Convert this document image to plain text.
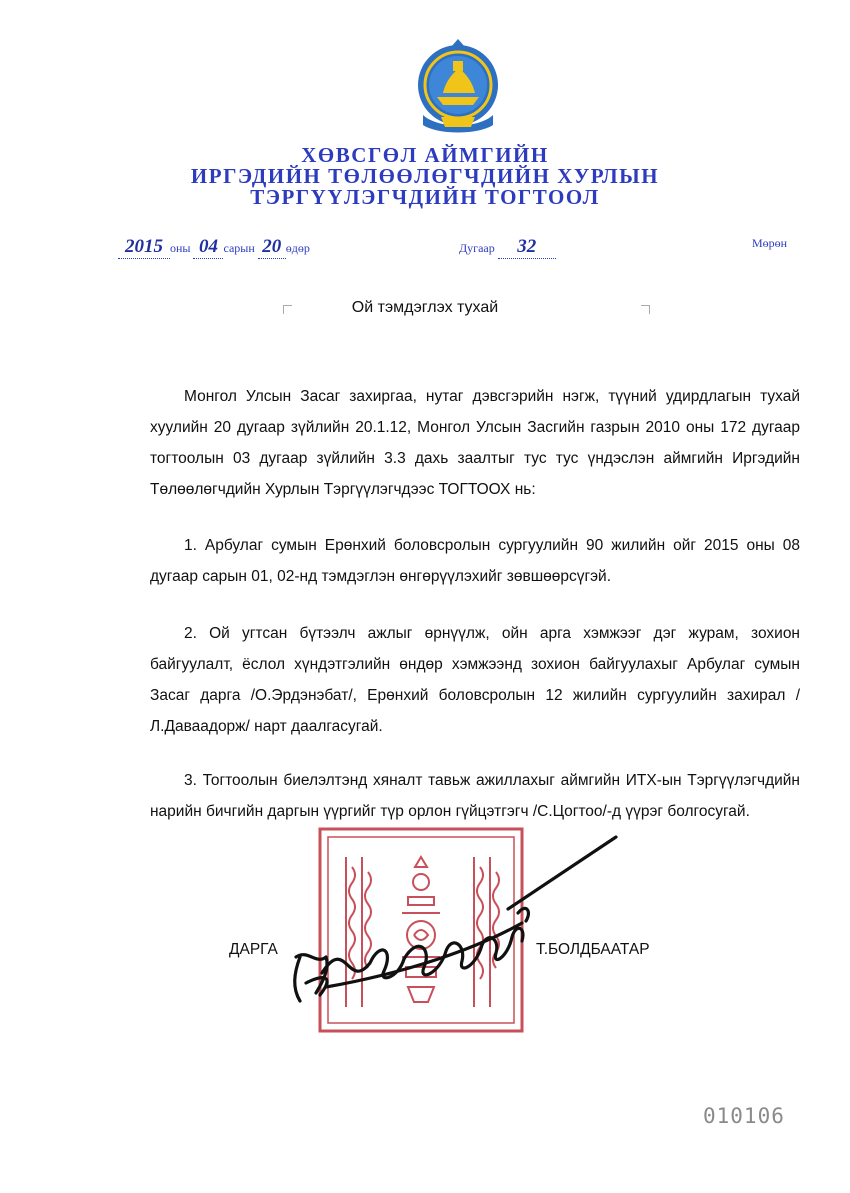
ХӨВСГӨЛ АЙМГИЙН
ИРГЭДИЙН ТӨЛӨӨЛӨГЧДИЙН ХУРЛЫН
ТЭРГҮҮЛЭГЧДИЙН ТОГТООЛ
2015 оны 04 сарын 20 өдөр	Дугаар 32	Мөрөн
Ой тэмдэглэх тухай
Монгол Улсын Засаг захиргаа, нутаг дэвсгэрийн нэгж, түүний удирдлагын тухай хуулийн 20 дугаар зүйлийн 20.1.12, Монгол Улсын Засгийн газрын 2010 оны 172 дугаар тогтоолын 03 дугаар зүйлийн 3.3 дахь заалтыг тус тус үндэслэн аймгийн Иргэдийн Төлөөлөгчдийн Хурлын Тэргүүлэгчдээс ТОГТООХ нь:
1. Арбулаг сумын Ерөнхий боловсролын сургуулийн 90 жилийн ойг 2015 оны 08 дугаар сарын 01, 02-нд тэмдэглэн өнгөрүүлэхийг зөвшөөрсүгэй.
2. Ой угтсан бүтээлч ажлыг өрнүүлж, ойн арга хэмжээг дэг журам, зохион байгуулалт, ёслол хүндэтгэлийн өндөр хэмжээнд зохион байгуулахыг Арбулаг сумын Засаг дарга /О.Эрдэнэбат/, Ерөнхий боловсролын 12 жилийн сургуулийн захирал /Л.Даваадорж/ нарт даалгасугай.
3. Тогтоолын биелэлтэнд хяналт тавьж ажиллахыг аймгийн ИТХ-ын Тэргүүлэгчдийн нарийн бичгийн даргын үүргийг түр орлон гүйцэтгэгч /С.Цогтоо/-д үүрэг болгосугай.
ДАРГА	Т.БОЛДБААТАР
010106
